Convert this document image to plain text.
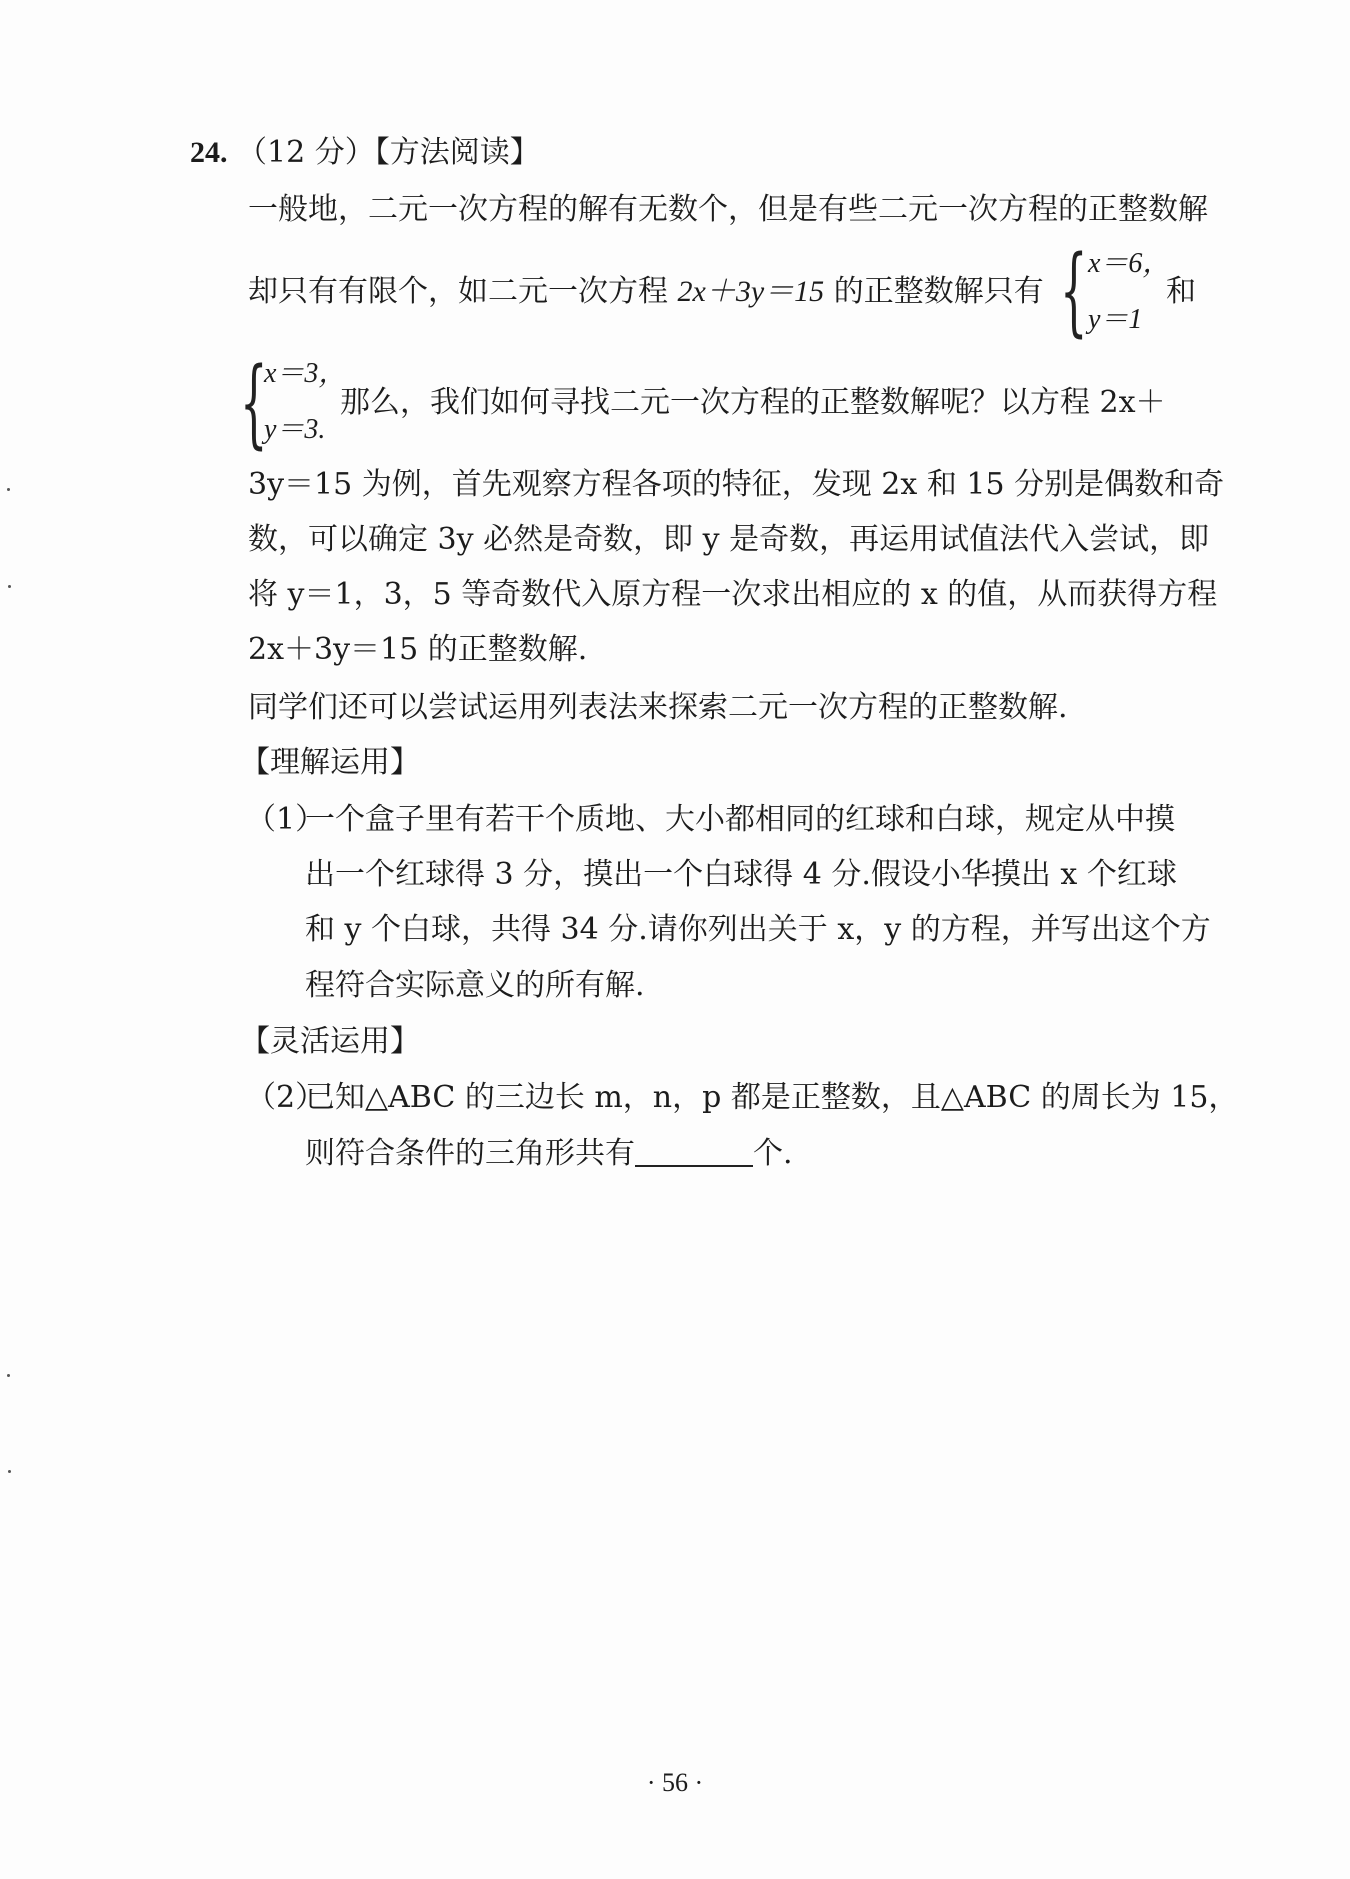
24. （12 分）【方法阅读】
一般地，二元一次方程的解有无数个，但是有些二元一次方程的正整数解
却只有有限个，如二元一次方程 2x＋3y＝15 的正整数解只有 { x＝6，
y＝1
和
{
x＝3，
y＝3.
那么，我们如何寻找二元一次方程的正整数解呢？以方程 2x＋
3y＝15 为例，首先观察方程各项的特征，发现 2x 和 15 分别是偶数和奇
数，可以确定 3y 必然是奇数，即 y 是奇数，再运用试值法代入尝试，即
将 y＝1，3，5 等奇数代入原方程一次求出相应的 x 的值，从而获得方程
2x＋3y＝15 的正整数解.
同学们还可以尝试运用列表法来探索二元一次方程的正整数解.
【理解运用】
（1）
一个盒子里有若干个质地、大小都相同的红球和白球，规定从中摸
出一个红球得 3 分，摸出一个白球得 4 分.假设小华摸出 x 个红球
和 y 个白球，共得 34 分.请你列出关于 x，y 的方程，并写出这个方
程符合实际意义的所有解.
【灵活运用】
（2）
已知△ABC 的三边长 m，n，p 都是正整数，且△ABC 的周长为 15，
则符合条件的三角形共有	个.
· 56 ·
